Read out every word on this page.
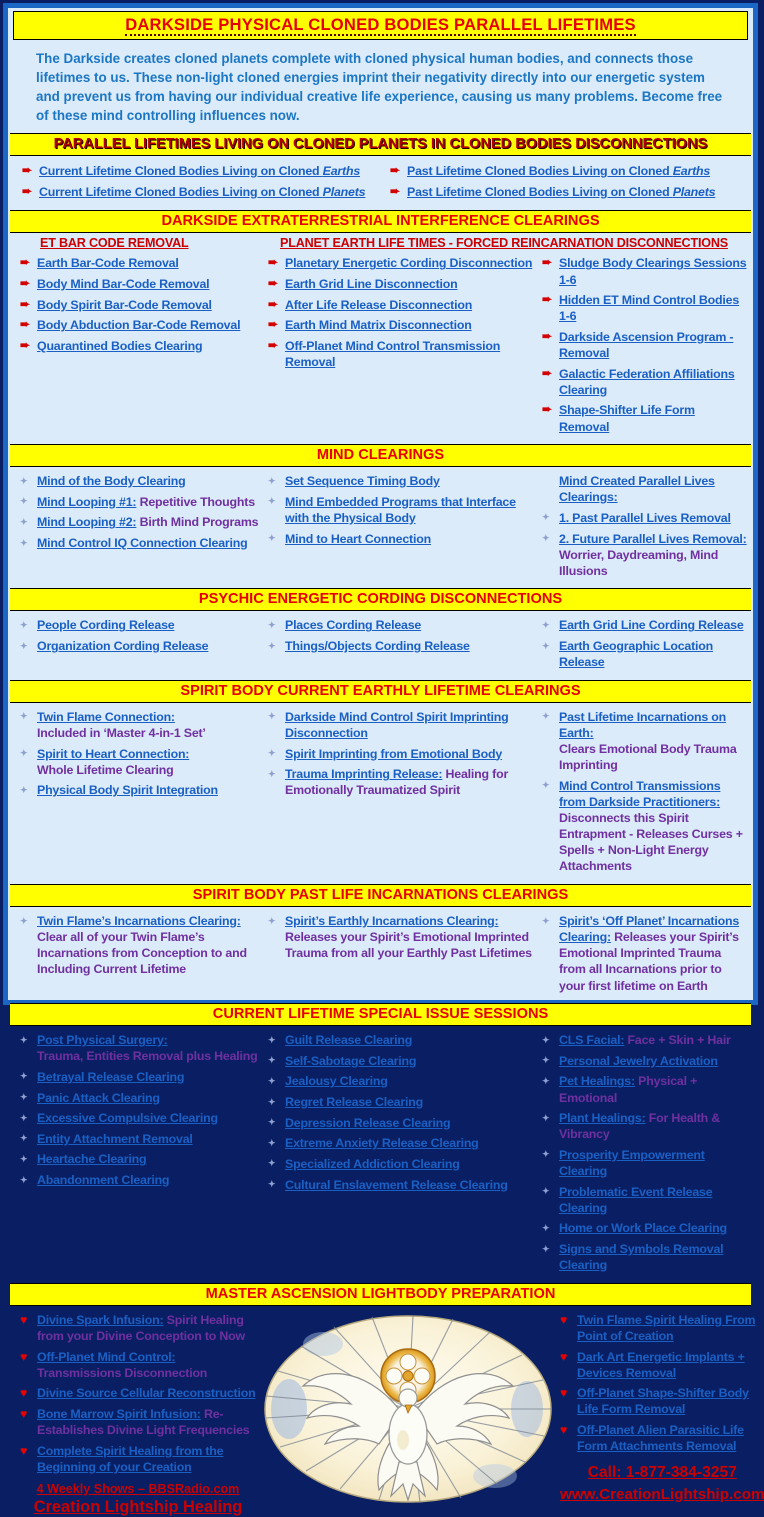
DARKSIDE PHYSICAL CLONED BODIES PARALLEL LIFETIMES
The Darkside creates cloned planets complete with cloned physical human bodies, and connects those lifetimes to us. These non-light cloned energies imprint their negativity directly into our energetic system and prevent us from having our individual creative life experience, causing us many problems. Become free of these mind controlling influences now.
PARALLEL LIFETIMES LIVING ON CLONED PLANETS IN CLONED BODIES DISCONNECTIONS
➨ Current Lifetime Cloned Bodies Living on Cloned Earths
➨ Current Lifetime Cloned Bodies Living on Cloned Planets
➨ Past Lifetime Cloned Bodies Living on Cloned Earths
➨ Past Lifetime Cloned Bodies Living on Cloned Planets
DARKSIDE EXTRATERRESTRIAL INTERFERENCE CLEARINGS
ET BAR CODE REMOVAL	PLANET EARTH LIFE TIMES - FORCED REINCARNATION DISCONNECTIONS
➨ Earth Bar-Code Removal
➨ Body Mind Bar-Code Removal
➨ Body Spirit Bar-Code Removal
➨ Body Abduction Bar-Code Removal
➨ Quarantined Bodies Clearing
➨ Planetary Energetic Cording Disconnection
➨ Earth Grid Line Disconnection
➨ After Life Release Disconnection
➨ Earth Mind Matrix Disconnection
➨ Off-Planet Mind Control Transmission Removal
➨ Sludge Body Clearings Sessions 1-6
➨ Hidden ET Mind Control Bodies 1-6
➨ Darkside Ascension Program - Removal
➨ Galactic Federation Affiliations Clearing
➨ Shape-Shifter Life Form Removal
MIND CLEARINGS
✦ Mind of the Body Clearing
✦ Mind Looping #1: Repetitive Thoughts
✦ Mind Looping #2: Birth Mind Programs
✦ Mind Control IQ Connection Clearing
✦ Set Sequence Timing Body
✦ Mind Embedded Programs that Interface with the Physical Body
✦ Mind to Heart Connection
Mind Created Parallel Lives Clearings:
✦ 1. Past Parallel Lives Removal
✦ 2. Future Parallel Lives Removal:
Worrier, Daydreaming, Mind Illusions
PSYCHIC ENERGETIC CORDING DISCONNECTIONS
✦ People Cording Release
✦ Organization Cording Release
✦ Places Cording Release
✦ Things/Objects Cording Release
✦ Earth Grid Line Cording Release
✦ Earth Geographic Location Release
SPIRIT BODY CURRENT EARTHLY LIFETIME CLEARINGS
✦ Twin Flame Connection:
Included in ‘Master 4-in-1 Set’
✦ Spirit to Heart Connection:
Whole Lifetime Clearing
✦ Physical Body Spirit Integration
✦ Darkside Mind Control Spirit Imprinting Disconnection
✦ Spirit Imprinting from Emotional Body
✦ Trauma Imprinting Release: Healing for Emotionally Traumatized Spirit
✦ Past Lifetime Incarnations on Earth:
Clears Emotional Body Trauma Imprinting
✦ Mind Control Transmissions from Darkside Practitioners: Disconnects this Spirit Entrapment - Releases Curses + Spells + Non-Light Energy Attachments
SPIRIT BODY PAST LIFE INCARNATIONS CLEARINGS
✦ Twin Flame’s Incarnations Clearing:
Clear all of your Twin Flame’s Incarnations from Conception to and Including Current Lifetime
✦ Spirit’s Earthly Incarnations Clearing:
Releases your Spirit’s Emotional Imprinted Trauma from all your Earthly Past Lifetimes
✦ Spirit’s ‘Off Planet’ Incarnations Clearing: Releases your Spirit’s Emotional Imprinted Trauma from all Incarnations prior to your first lifetime on Earth
CURRENT LIFETIME SPECIAL ISSUE SESSIONS
✦ Post Physical Surgery:
Trauma, Entities Removal plus Healing
✦ Betrayal Release Clearing
✦ Panic Attack Clearing
✦ Excessive Compulsive Clearing
✦ Entity Attachment Removal
✦ Heartache Clearing
✦ Abandonment Clearing
✦ Guilt Release Clearing
✦ Self-Sabotage Clearing
✦ Jealousy Clearing
✦ Regret Release Clearing
✦ Depression Release Clearing
✦ Extreme Anxiety Release Clearing
✦ Specialized Addiction Clearing
✦ Cultural Enslavement Release Clearing
✦ CLS Facial: Face + Skin + Hair
✦ Personal Jewelry Activation
✦ Pet Healings: Physical + Emotional
✦ Plant Healings: For Health & Vibrancy
✦ Prosperity Empowerment Clearing
✦ Problematic Event Release Clearing
✦ Home or Work Place Clearing
✦ Signs and Symbols Removal Clearing
MASTER ASCENSION LIGHTBODY PREPARATION
♥ Divine Spark Infusion: Spirit Healing from your Divine Conception to Now
♥ Off-Planet Mind Control:
Transmissions Disconnection
♥ Divine Source Cellular Reconstruction
♥ Bone Marrow Spirit Infusion: Re-Establishes Divine Light Frequencies
♥ Complete Spirit Healing from the Beginning of your Creation
4 Weekly Shows – BBSRadio.com
Creation Lightship Healing
♥ Twin Flame Spirit Healing From Point of Creation
♥ Dark Art Energetic Implants + Devices Removal
♥ Off-Planet Shape-Shifter Body Life Form Removal
♥ Off-Planet Alien Parasitic Life Form Attachments Removal
Call: 1-877-384-3257
www.CreationLightship.com
